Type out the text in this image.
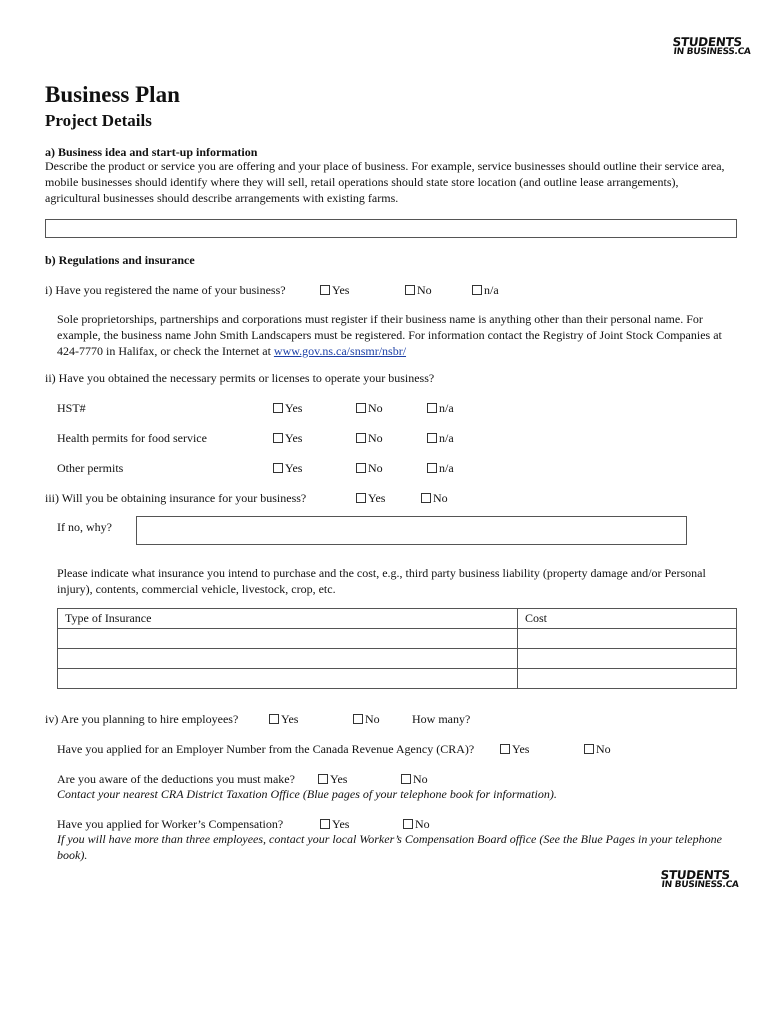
STUDENTS
IN BUSINESS.CA
Business Plan
Project Details
a) Business idea and start-up information
Describe the product or service you are offering and your place of business. For example, service businesses should outline their service area, mobile businesses should identify where they will sell, retail operations should state store location (and outline lease arrangements), agricultural businesses should describe arrangements with existing farms.
b) Regulations and insurance
i) Have you registered the name of your business?	Yes	No	n/a
Sole proprietorships, partnerships and corporations must register if their business name is anything other than their personal name. For example, the business name John Smith Landscapers must be registered. For information contact the Registry of Joint Stock Companies at 424-7770 in Halifax, or check the Internet at www.gov.ns.ca/snsmr/nsbr/
ii) Have you obtained the necessary permits or licenses to operate your business?
HST#	Yes	No	n/a
Health permits for food service	Yes	No	n/a
Other permits	Yes	No	n/a
iii) Will you be obtaining insurance for your business?	Yes	No
If no, why?
Please indicate what insurance you intend to purchase and the cost, e.g., third party business liability (property damage and/or Personal injury), contents, commercial vehicle, livestock, crop, etc.
Type of Insurance	Cost

iv) Are you planning to hire employees?	Yes	No	How many?
Have you applied for an Employer Number from the Canada Revenue Agency (CRA)?	Yes	No
Are you aware of the deductions you must make?	Yes	No
Contact your nearest CRA District Taxation Office (Blue pages of your telephone book for information).
Have you applied for Worker’s Compensation?	Yes	No
If you will have more than three employees, contact your local Worker’s Compensation Board office (See the Blue Pages in your telephone book).
STUDENTS
IN BUSINESS.CA
